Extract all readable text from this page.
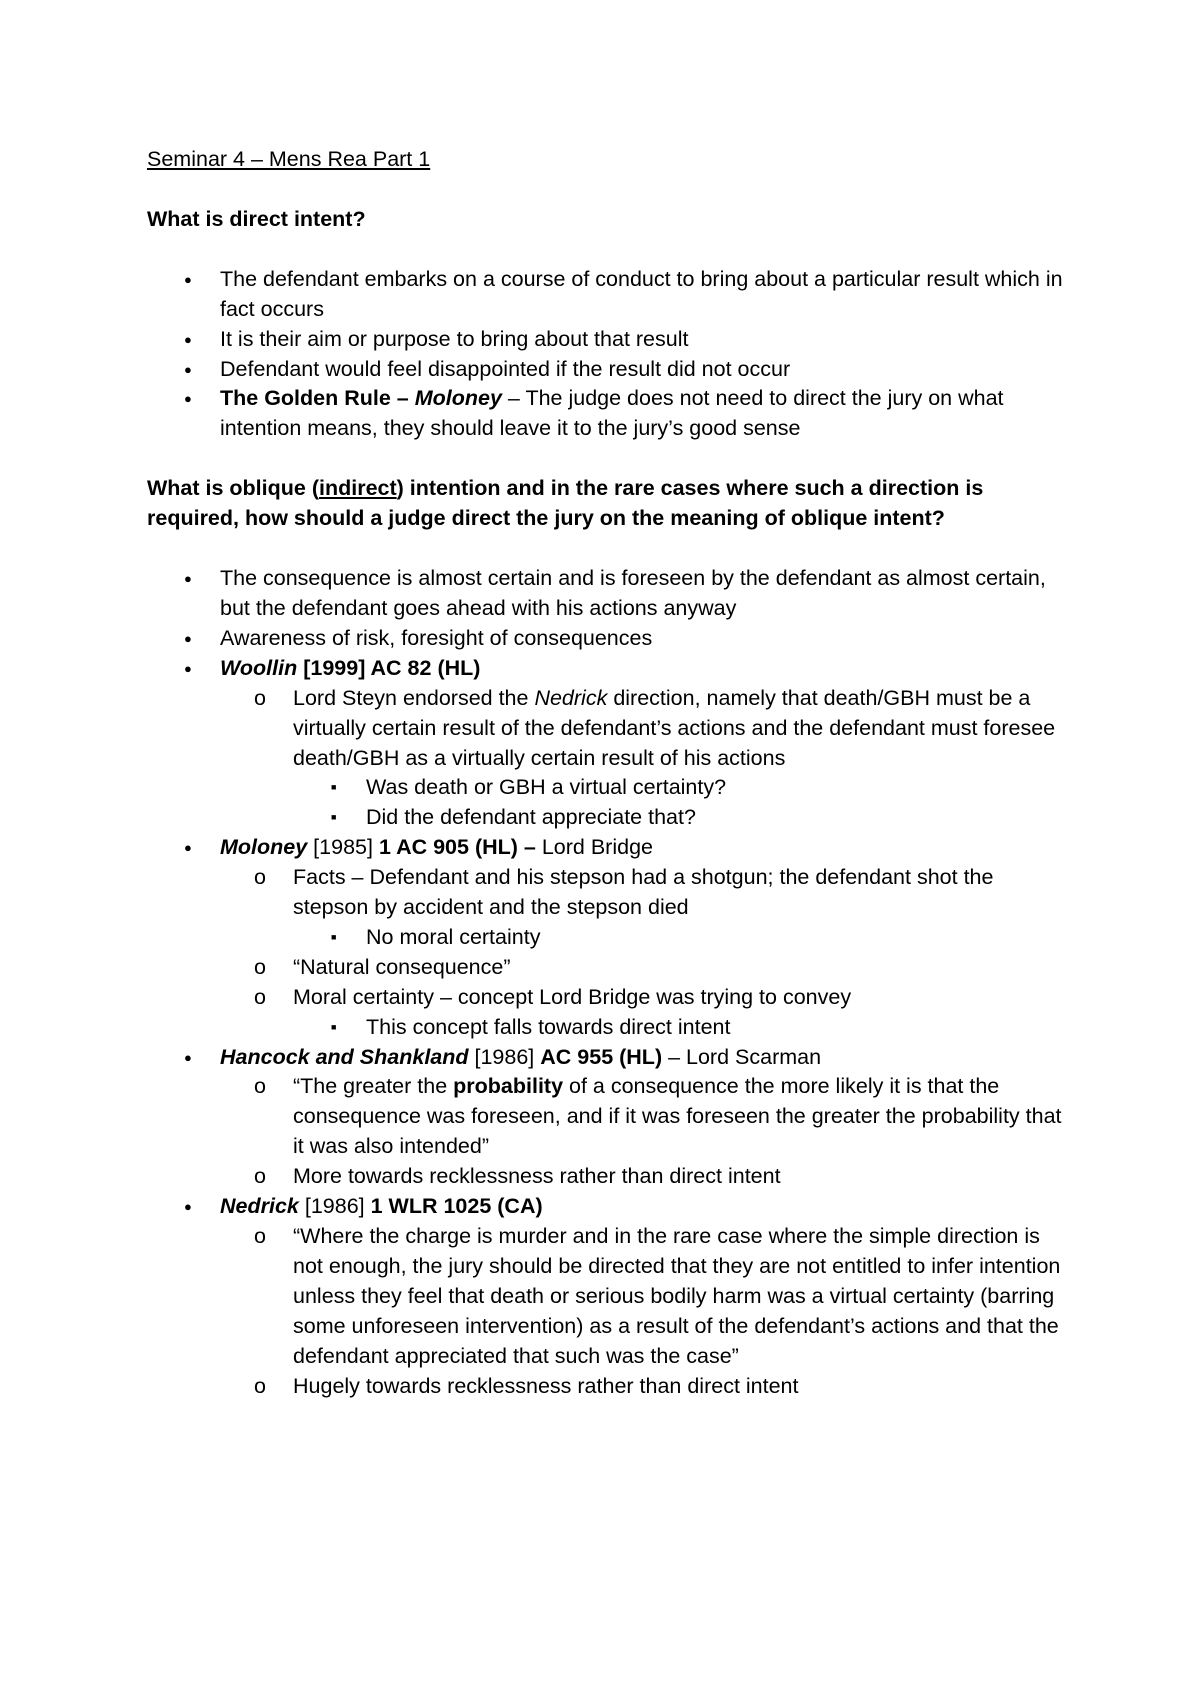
Seminar 4 – Mens Rea Part 1

What is direct intent?

● The defendant embarks on a course of conduct to bring about a particular result which in fact occurs
● It is their aim or purpose to bring about that result
● Defendant would feel disappointed if the result did not occur
● The Golden Rule – Moloney – The judge does not need to direct the jury on what intention means, they should leave it to the jury’s good sense

What is oblique (indirect) intention and in the rare cases where such a direction is required, how should a judge direct the jury on the meaning of oblique intent?

● The consequence is almost certain and is foreseen by the defendant as almost certain, but the defendant goes ahead with his actions anyway
● Awareness of risk, foresight of consequences
● Woollin [1999] AC 82 (HL)
o Lord Steyn endorsed the Nedrick direction, namely that death/GBH must be a virtually certain result of the defendant’s actions and the defendant must foresee death/GBH as a virtually certain result of his actions
■ Was death or GBH a virtual certainty?
■ Did the defendant appreciate that?
● Moloney [1985] 1 AC 905 (HL) – Lord Bridge
o Facts – Defendant and his stepson had a shotgun; the defendant shot the stepson by accident and the stepson died
■ No moral certainty
o “Natural consequence”
o Moral certainty – concept Lord Bridge was trying to convey
■ This concept falls towards direct intent
● Hancock and Shankland [1986] AC 955 (HL) – Lord Scarman
o “The greater the probability of a consequence the more likely it is that the consequence was foreseen, and if it was foreseen the greater the probability that it was also intended”
o More towards recklessness rather than direct intent
● Nedrick [1986] 1 WLR 1025 (CA)
o “Where the charge is murder and in the rare case where the simple direction is not enough, the jury should be directed that they are not entitled to infer intention unless they feel that death or serious bodily harm was a virtual certainty (barring some unforeseen intervention) as a result of the defendant’s actions and that the defendant appreciated that such was the case”
o Hugely towards recklessness rather than direct intent
